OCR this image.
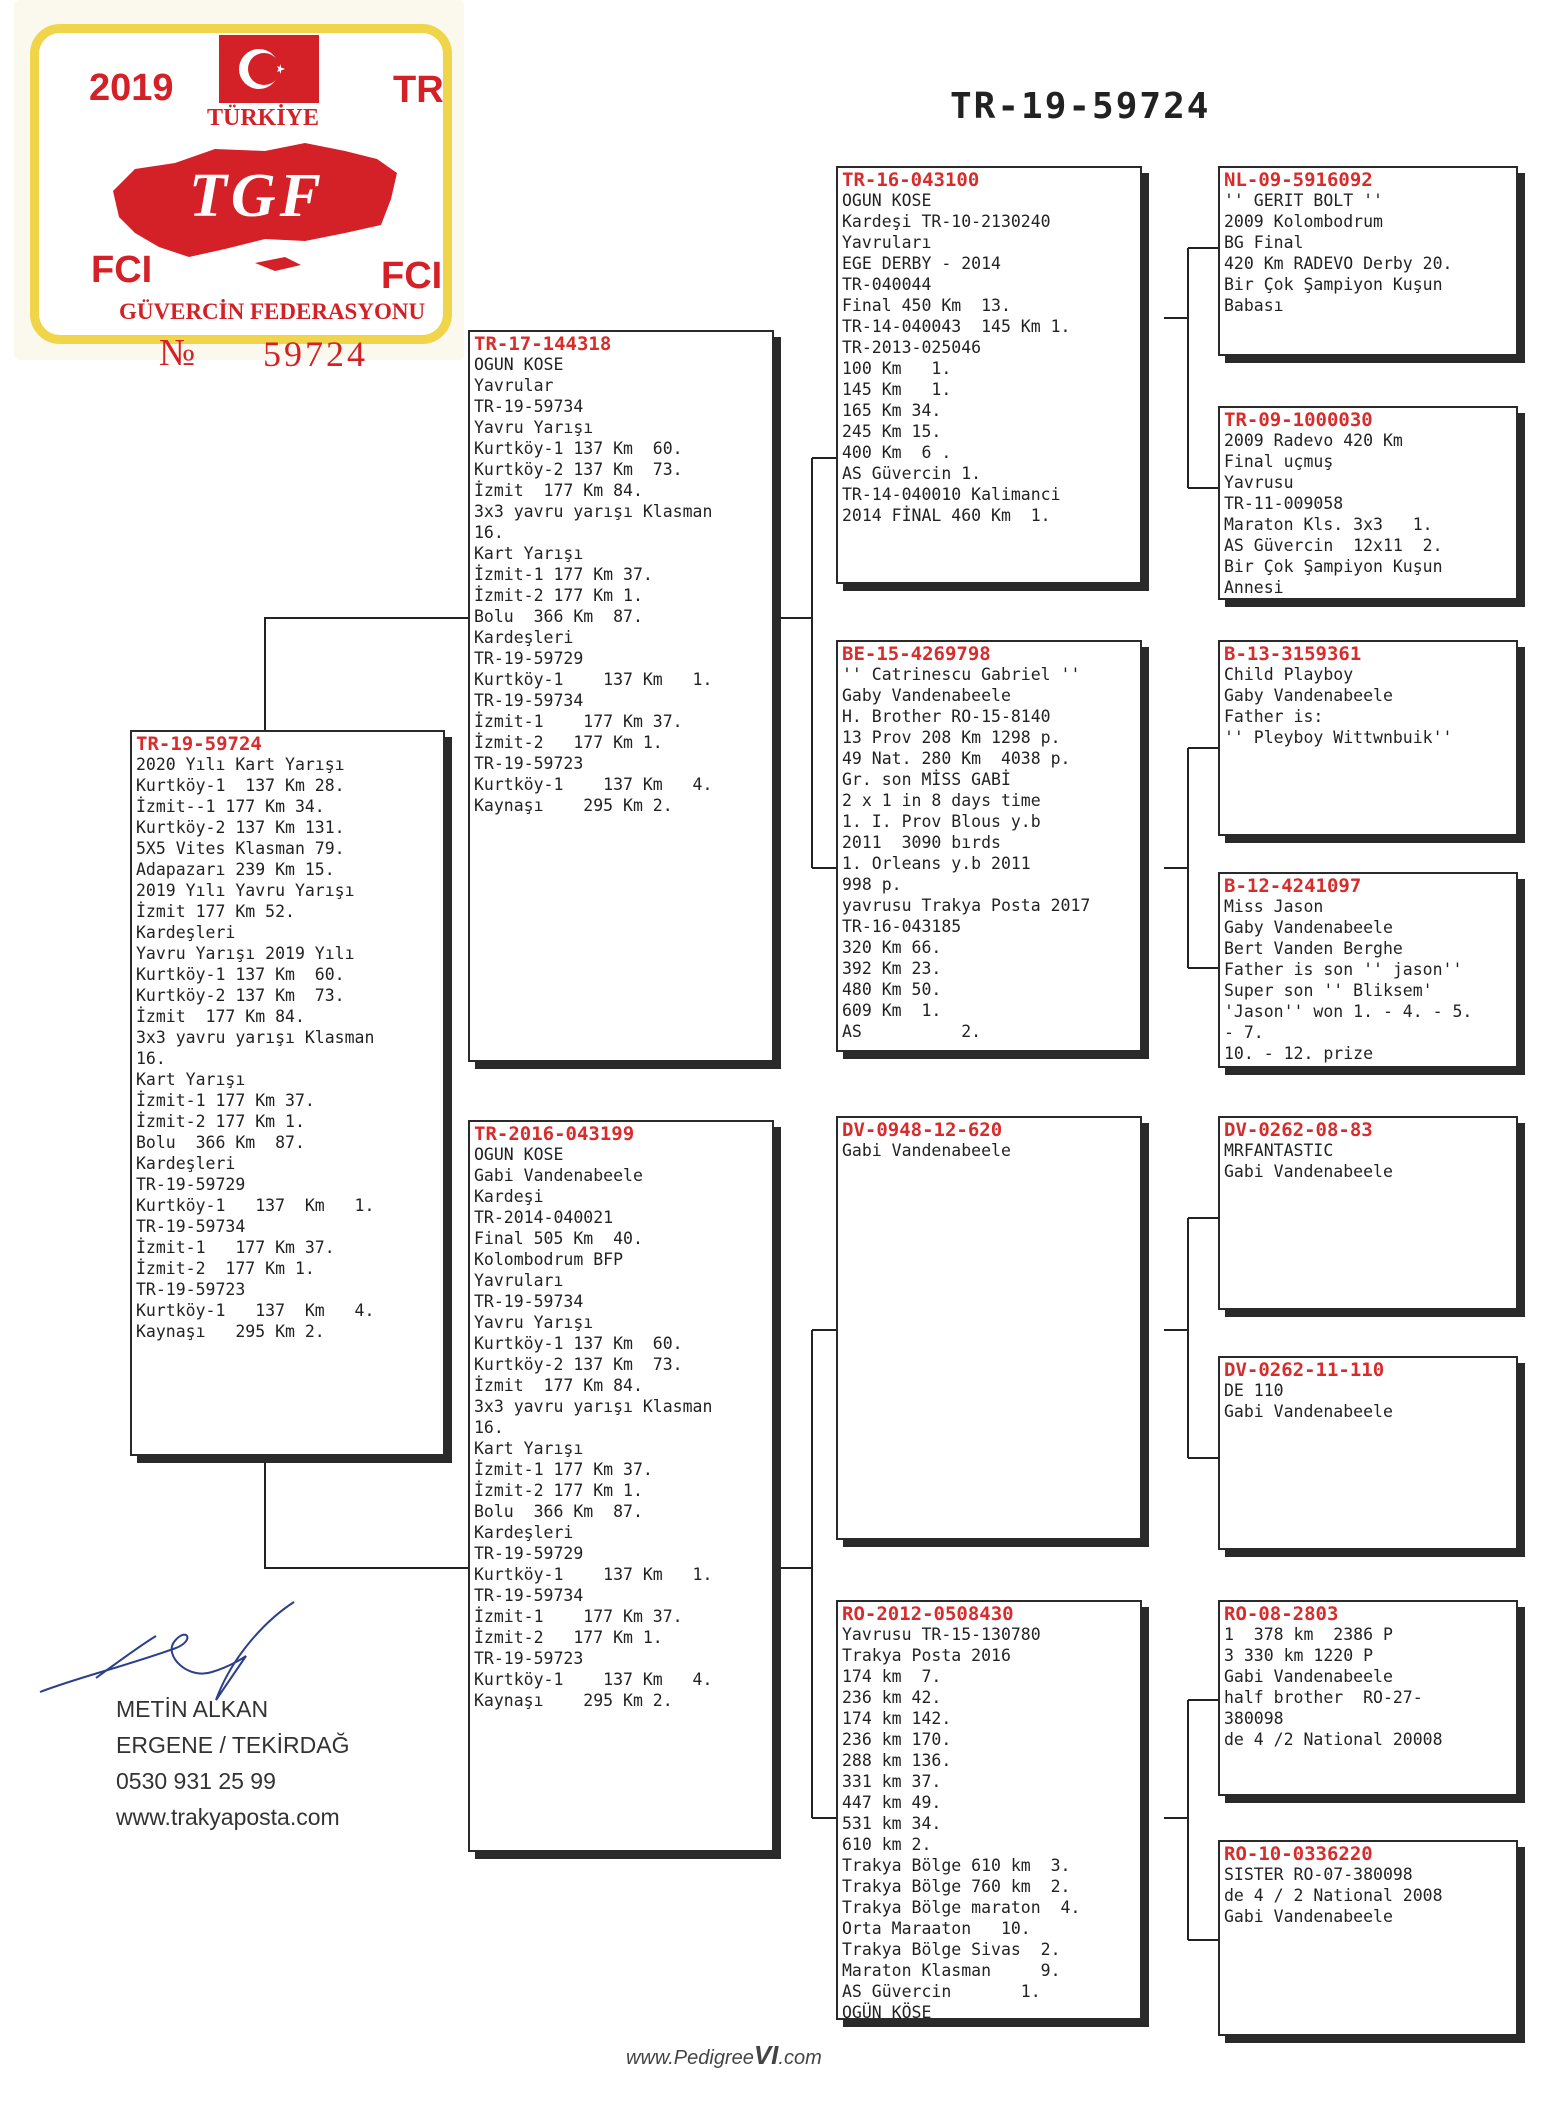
2019	TR
TÜRKİYE
TGF
FCI	FCI
GÜVERCİN FEDERASYONU
№ 59724
TR-19-59724
TR-19-59724
2020 Yılı Kart Yarışı
Kurtköy-1  137 Km 28.
İzmit--1 177 Km 34.
Kurtköy-2 137 Km 131.
5X5 Vites Klasman 79.
Adapazarı 239 Km 15.
2019 Yılı Yavru Yarışı
İzmit 177 Km 52.
Kardeşleri
Yavru Yarışı 2019 Yılı
Kurtköy-1 137 Km  60.
Kurtköy-2 137 Km  73.
İzmit  177 Km 84.
3x3 yavru yarışı Klasman
16.
Kart Yarışı
İzmit-1 177 Km 37.
İzmit-2 177 Km 1.
Bolu  366 Km  87.
Kardeşleri
TR-19-59729
Kurtköy-1   137  Km   1.
TR-19-59734
İzmit-1   177 Km 37.
İzmit-2  177 Km 1.
TR-19-59723
Kurtköy-1   137  Km   4.
Kaynaşı   295 Km 2.
TR-17-144318
OGUN KOSE
Yavrular
TR-19-59734
Yavru Yarışı
Kurtköy-1 137 Km  60.
Kurtköy-2 137 Km  73.
İzmit  177 Km 84.
3x3 yavru yarışı Klasman
16.
Kart Yarışı
İzmit-1 177 Km 37.
İzmit-2 177 Km 1.
Bolu  366 Km  87.
Kardeşleri
TR-19-59729
Kurtköy-1    137 Km   1.
TR-19-59734
İzmit-1    177 Km 37.
İzmit-2   177 Km 1.
TR-19-59723
Kurtköy-1    137 Km   4.
Kaynaşı    295 Km 2.
TR-2016-043199
OGUN KOSE
Gabi Vandenabeele
Kardeşi
TR-2014-040021
Final 505 Km  40.
Kolombodrum BFP
Yavruları
TR-19-59734
Yavru Yarışı
Kurtköy-1 137 Km  60.
Kurtköy-2 137 Km  73.
İzmit  177 Km 84.
3x3 yavru yarışı Klasman
16.
Kart Yarışı
İzmit-1 177 Km 37.
İzmit-2 177 Km 1.
Bolu  366 Km  87.
Kardeşleri
TR-19-59729
Kurtköy-1    137 Km   1.
TR-19-59734
İzmit-1    177 Km 37.
İzmit-2   177 Km 1.
TR-19-59723
Kurtköy-1    137 Km   4.
Kaynaşı    295 Km 2.
TR-16-043100
OGUN KOSE
Kardeşi TR-10-2130240
Yavruları
EGE DERBY - 2014
TR-040044
Final 450 Km  13.
TR-14-040043  145 Km 1.
TR-2013-025046
100 Km   1.
145 Km   1.
165 Km 34.
245 Km 15.
400 Km  6 .
AS Güvercin 1.
TR-14-040010 Kalimanci
2014 FİNAL 460 Km  1.
BE-15-4269798
'' Catrinescu Gabriel ''
Gaby Vandenabeele
H. Brother RO-15-8140
13 Prov 208 Km 1298 p.
49 Nat. 280 Km  4038 p.
Gr. son MİSS GABİ
2 x 1 in 8 days time
1. I. Prov Blous y.b
2011  3090 bırds
1. Orleans y.b 2011
998 p.
yavrusu Trakya Posta 2017
TR-16-043185
320 Km 66.
392 Km 23.
480 Km 50.
609 Km  1.
AS          2.
DV-0948-12-620
Gabi Vandenabeele
RO-2012-0508430
Yavrusu TR-15-130780
Trakya Posta 2016
174 km  7.
236 km 42.
174 km 142.
236 km 170.
288 km 136.
331 km 37.
447 km 49.
531 km 34.
610 km 2.
Trakya Bölge 610 km  3.
Trakya Bölge 760 km  2.
Trakya Bölge maraton  4.
Orta Maraaton   10.
Trakya Bölge Sivas  2.
Maraton Klasman     9.
AS Güvercin       1.
OGÜN KÖSE
NL-09-5916092
'' GERIT BOLT ''
2009 Kolombodrum
BG Final
420 Km RADEVO Derby 20.
Bir Çok Şampiyon Kuşun
Babası
TR-09-1000030
2009 Radevo 420 Km
Final uçmuş
Yavrusu
TR-11-009058
Maraton Kls. 3x3   1.
AS Güvercin  12x11  2.
Bir Çok Şampiyon Kuşun
Annesi
B-13-3159361
Child Playboy
Gaby Vandenabeele
Father is:
'' Pleyboy Wittwnbuik''
B-12-4241097
Miss Jason
Gaby Vandenabeele
Bert Vanden Berghe
Father is son '' jason''
Super son '' Bliksem'
'Jason'' won 1. - 4. - 5.
- 7.
10. - 12. prize
DV-0262-08-83
MRFANTASTIC
Gabi Vandenabeele
DV-0262-11-110
DE 110
Gabi Vandenabeele
RO-08-2803
1  378 km  2386 P
3 330 km 1220 P
Gabi Vandenabeele
half brother  RO-27-
380098
de 4 /2 National 20008
RO-10-0336220
SISTER RO-07-380098
de 4 / 2 National 2008
Gabi Vandenabeele
METİN ALKAN
ERGENE / TEKİRDAĞ
0530 931 25 99
www.trakyaposta.com
www.PedigreeVI.com
